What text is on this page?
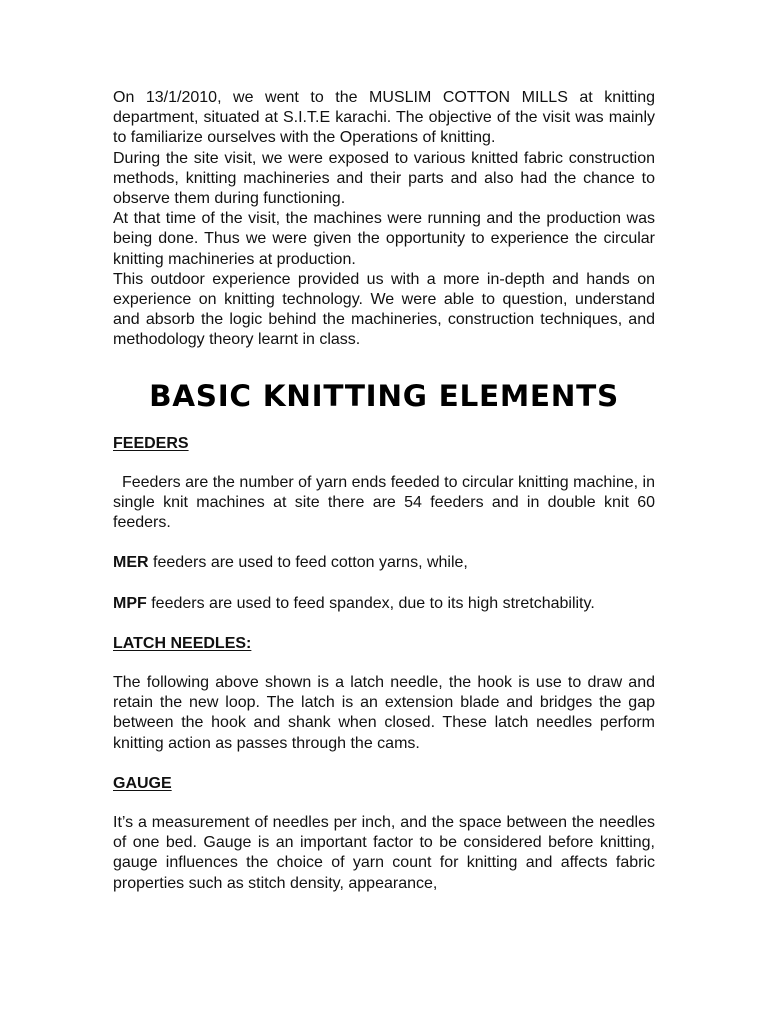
On 13/1/2010, we went to the MUSLIM COTTON MILLS at knitting department, situated at S.I.T.E karachi. The objective of the visit was mainly to familiarize ourselves with the Operations of knitting.

During the site visit, we were exposed to various knitted fabric construction methods, knitting machineries and their parts and also had the chance to observe them during functioning.

At that time of the visit, the machines were running and the production was being done. Thus we were given the opportunity to experience the circular knitting machineries at production.

This outdoor experience provided us with a more in-depth and hands on experience on knitting technology. We were able to question, understand and absorb the logic behind the machineries, construction techniques, and methodology theory learnt in class.

BASIC KNITTING ELEMENTS

FEEDERS

Feeders are the number of yarn ends feeded to circular knitting machine, in single knit machines at site there are 54 feeders and in double knit 60 feeders.

MER feeders are used to feed cotton yarns, while,

MPF feeders are used to feed spandex, due to its high stretchability.

LATCH NEEDLES:

The following above shown is a latch needle, the hook is use to draw and retain the new loop. The latch is an extension blade and bridges the gap between the hook and shank when closed. These latch needles perform knitting action as passes through the cams.

GAUGE

It’s a measurement of needles per inch, and the space between the needles of one bed. Gauge is an important factor to be considered before knitting, gauge influences the choice of yarn count for knitting and affects fabric properties such as stitch density, appearance,
